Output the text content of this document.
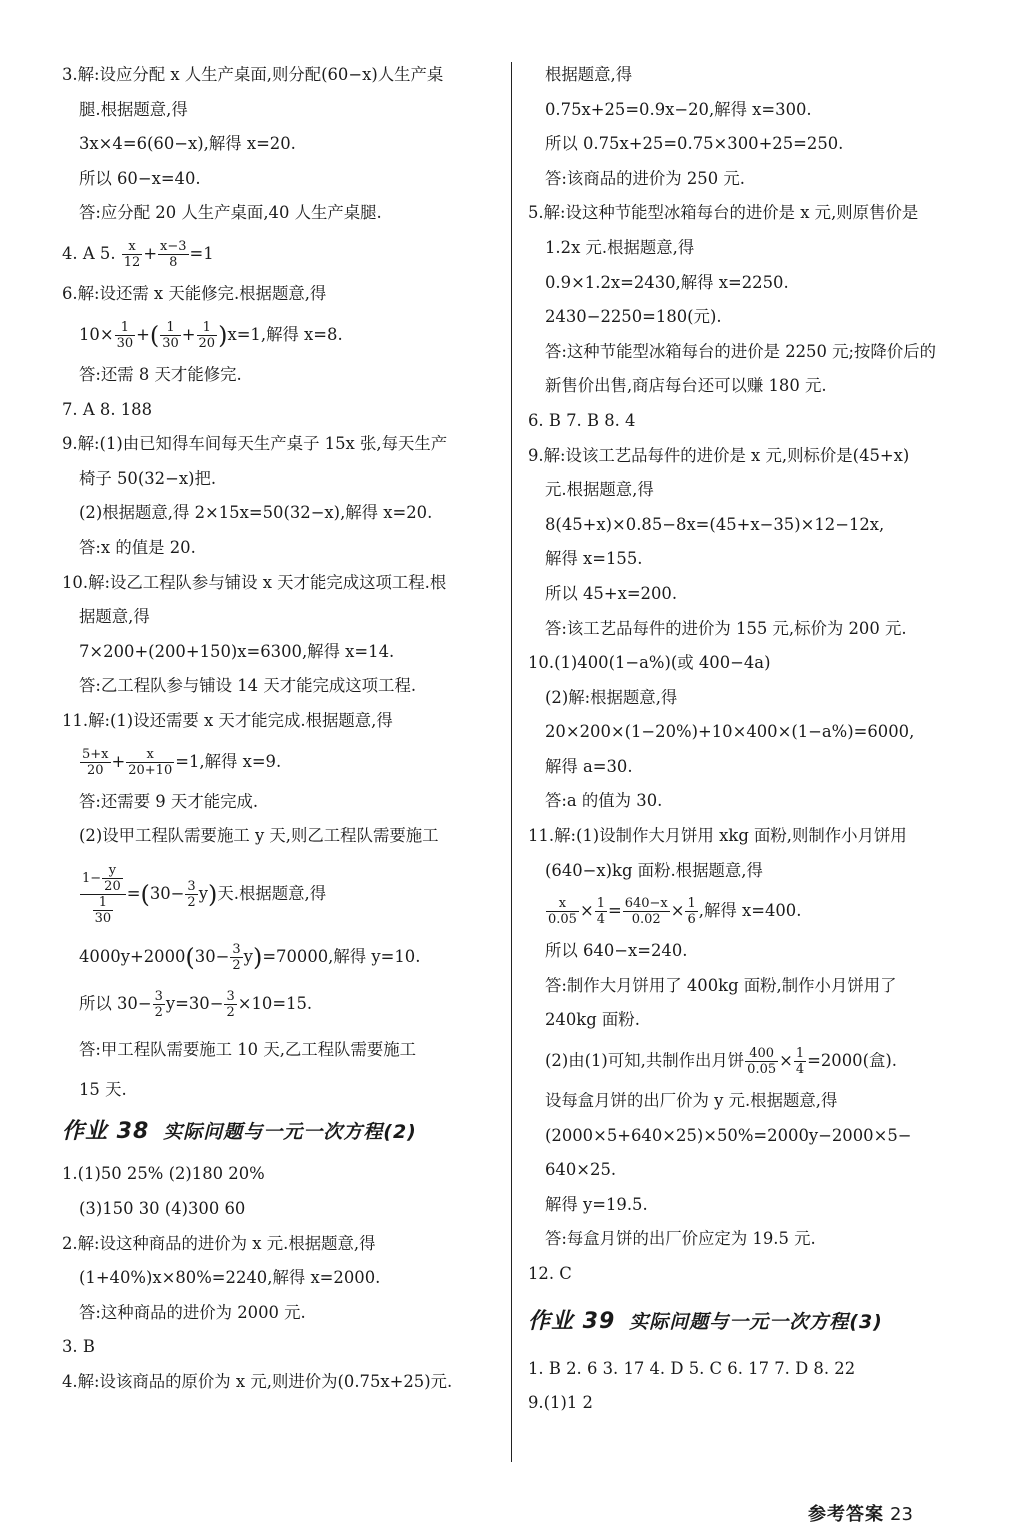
3.解:设应分配 x 人生产桌面,则分配(60−x)人生产桌
腿.根据题意,得
3x×4=6(60−x),解得 x=20.
所以 60−x=40.
答:应分配 20 人生产桌面,40 人生产桌腿.
4. A 5. $\frac{x}{12} + \frac{x-3}{8} =1$
6.解:设还需 x 天能修完.根据题意,得
$10\times \frac{1}{30}$ +( $\frac{1}{30} + \frac{1}{20} )x=1$,解得 x=8.
答:还需 8 天才能修完.
7. A 8. 188
9.解:(1)由已知得车间每天生产桌子 15x 张,每天生产
椅子 50(32−x)把.
(2)根据题意,得 2×15x=50(32−x),解得 x=20.
答:x 的值是 20.
10.解:设乙工程队参与铺设 x 天才能完成这项工程.根
据题意,得
7×200+(200+150)x=6300,解得 x=14.
答:乙工程队参与铺设 14 天才能完成这项工程.
11.解:(1)设还需要 x 天才能完成.根据题意,得
$\frac{5+x}{20} + \frac{x}{20+10} =1$,解得 x=9.
答:还需要 9 天才能完成.
(2)设甲工程队需要施工 y 天,则乙工程队需要施工
$\frac{1- \frac{y}{20}}{\frac{1}{30}} =(30- \frac{3}{2} y)$天.根据题意,得
$4000y+2000(30- \frac{3}{2} y)=70000$,解得 y=10.
所以 $30- \frac{3}{2} y=30- \frac{3}{2} \times 10=15$.
答:甲工程队需要施工 10 天,乙工程队需要施工
15 天.
作业 38 实际问题与一元一次方程(2)
1.(1)50 25% (2)180 20%
(3)150 30 (4)300 60
2.解:设这种商品的进价为 x 元.根据题意,得
(1+40%)x×80%=2240,解得 x=2000.
答:这种商品的进价为 2000 元.
3. B
4.解:设该商品的原价为 x 元,则进价为(0.75x+25)元.
根据题意,得
0.75x+25=0.9x−20,解得 x=300.
所以 0.75x+25=0.75×300+25=250.
答:该商品的进价为 250 元.
5.解:设这种节能型冰箱每台的进价是 x 元,则原售价是
1.2x 元.根据题意,得
0.9×1.2x=2430,解得 x=2250.
2430−2250=180(元).
答:这种节能型冰箱每台的进价是 2250 元;按降价后的
新售价出售,商店每台还可以赚 180 元.
6. B 7. B 8. 4
9.解:设该工艺品每件的进价是 x 元,则标价是(45+x)
元.根据题意,得
8(45+x)×0.85−8x=(45+x−35)×12−12x,
解得 x=155.
所以 45+x=200.
答:该工艺品每件的进价为 155 元,标价为 200 元.
10.(1)400(1−a%)(或 400−4a)
(2)解:根据题意,得
20×200×(1−20%)+10×400×(1−a%)=6000,
解得 a=30.
答:a 的值为 30.
11.解:(1)设制作大月饼用 xkg 面粉,则制作小月饼用
(640−x)kg 面粉.根据题意,得
$\frac{x}{0.05} \times \frac{1}{4} = \frac{640-x}{0.02} \times \frac{1}{6}$ ,解得 x=400.
所以 640−x=240.
答:制作大月饼用了 400kg 面粉,制作小月饼用了
240kg 面粉.
(2)由(1)可知,共制作出月饼 $\frac{400}{0.05} \times \frac{1}{4} =2000$(盒).
设每盒月饼的出厂价为 y 元.根据题意,得
(2000×5+640×25)×50%=2000y−2000×5−
640×25.
解得 y=19.5.
答:每盒月饼的出厂价应定为 19.5 元.
12. C
作业 39 实际问题与一元一次方程(3)
1. B 2. 6 3. 17 4. D 5. C 6. 17 7. D 8. 22
9.(1)1 2
参考答案 23
